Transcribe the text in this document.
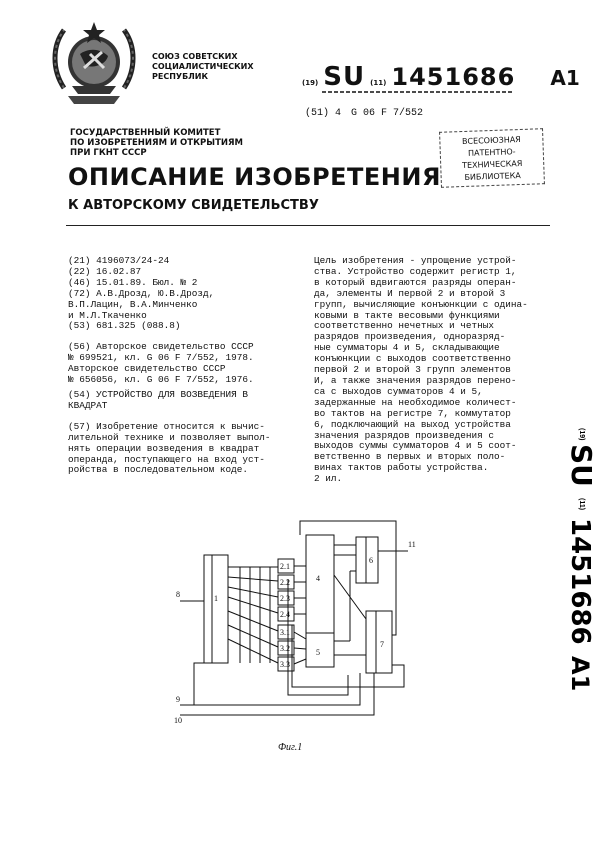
СОЮЗ СОВЕТСКИХ
СОЦИАЛИСТИЧЕСКИХ
РЕСПУБЛИК
(19) SU (11) 1451686 A1
(51) 4 G 06 F 7/552
ВСЕСОЮЗНАЯ
ПАТЕНТНО-ТЕХНИЧЕСКАЯ
БИБЛИОТЕКА
ГОСУДАРСТВЕННЫЙ КОМИТЕТ
ПО ИЗОБРЕТЕНИЯМ И ОТКРЫТИЯМ
ПРИ ГКНТ СССР
ОПИСАНИЕ ИЗОБРЕТЕНИЯ
К АВТОРСКОМУ СВИДЕТЕЛЬСТВУ
(21) 4196073/24-24
(22) 16.02.87
(46) 15.01.89. Бюл. № 2
(72) А.В.Дрозд, Ю.В.Дрозд,
В.П.Лацин, В.А.Минченко
и М.Л.Ткаченко
(53) 681.325 (088.8)
(56) Авторское свидетельство СССР
№ 699521, кл. G 06 F 7/552, 1978.
Авторское свидетельство СССР
№ 656056, кл. G 06 F 7/552, 1976.
(54) УСТРОЙСТВО ДЛЯ ВОЗВЕДЕНИЯ В
КВАДРАТ
(57) Изобретение относится к вычис-
лительной технике и позволяет выпол-
нять операции возведения в квадрат
операнда, поступающего на вход уст-
ройства в последовательном коде.
Цель изобретения - упрощение устрой-
ства. Устройство содержит регистр 1,
в который вдвигаются разряды операн-
да, элементы И первой 2 и второй 3
групп, вычисляющие конъюнкции с одина-
ковыми в такте весовыми функциями
соответственно нечетных и четных
разрядов произведения, одноразряд-
ные сумматоры 4 и 5, складывающие
конъюнкции с выходов соответственно
первой 2 и второй 3 групп элементов
И, а также значения разрядов перено-
са с выходов сумматоров 4 и 5,
задержанные на необходимое количест-
во тактов на регистре 7, коммутатор
6, подключающий на выход устройства
значения разрядов произведения с
выходов суммы сумматоров 4 и 5 соот-
ветственно в первых и вторых поло-
винах тактов работы устройства.
2 ил.
(19)
SU
(11)
1451686
A1
1
2.1
2.2
2.3
2.4
3.1
3.2
3.3
4
5
6
7
8
9
10
11
Фиг.1
